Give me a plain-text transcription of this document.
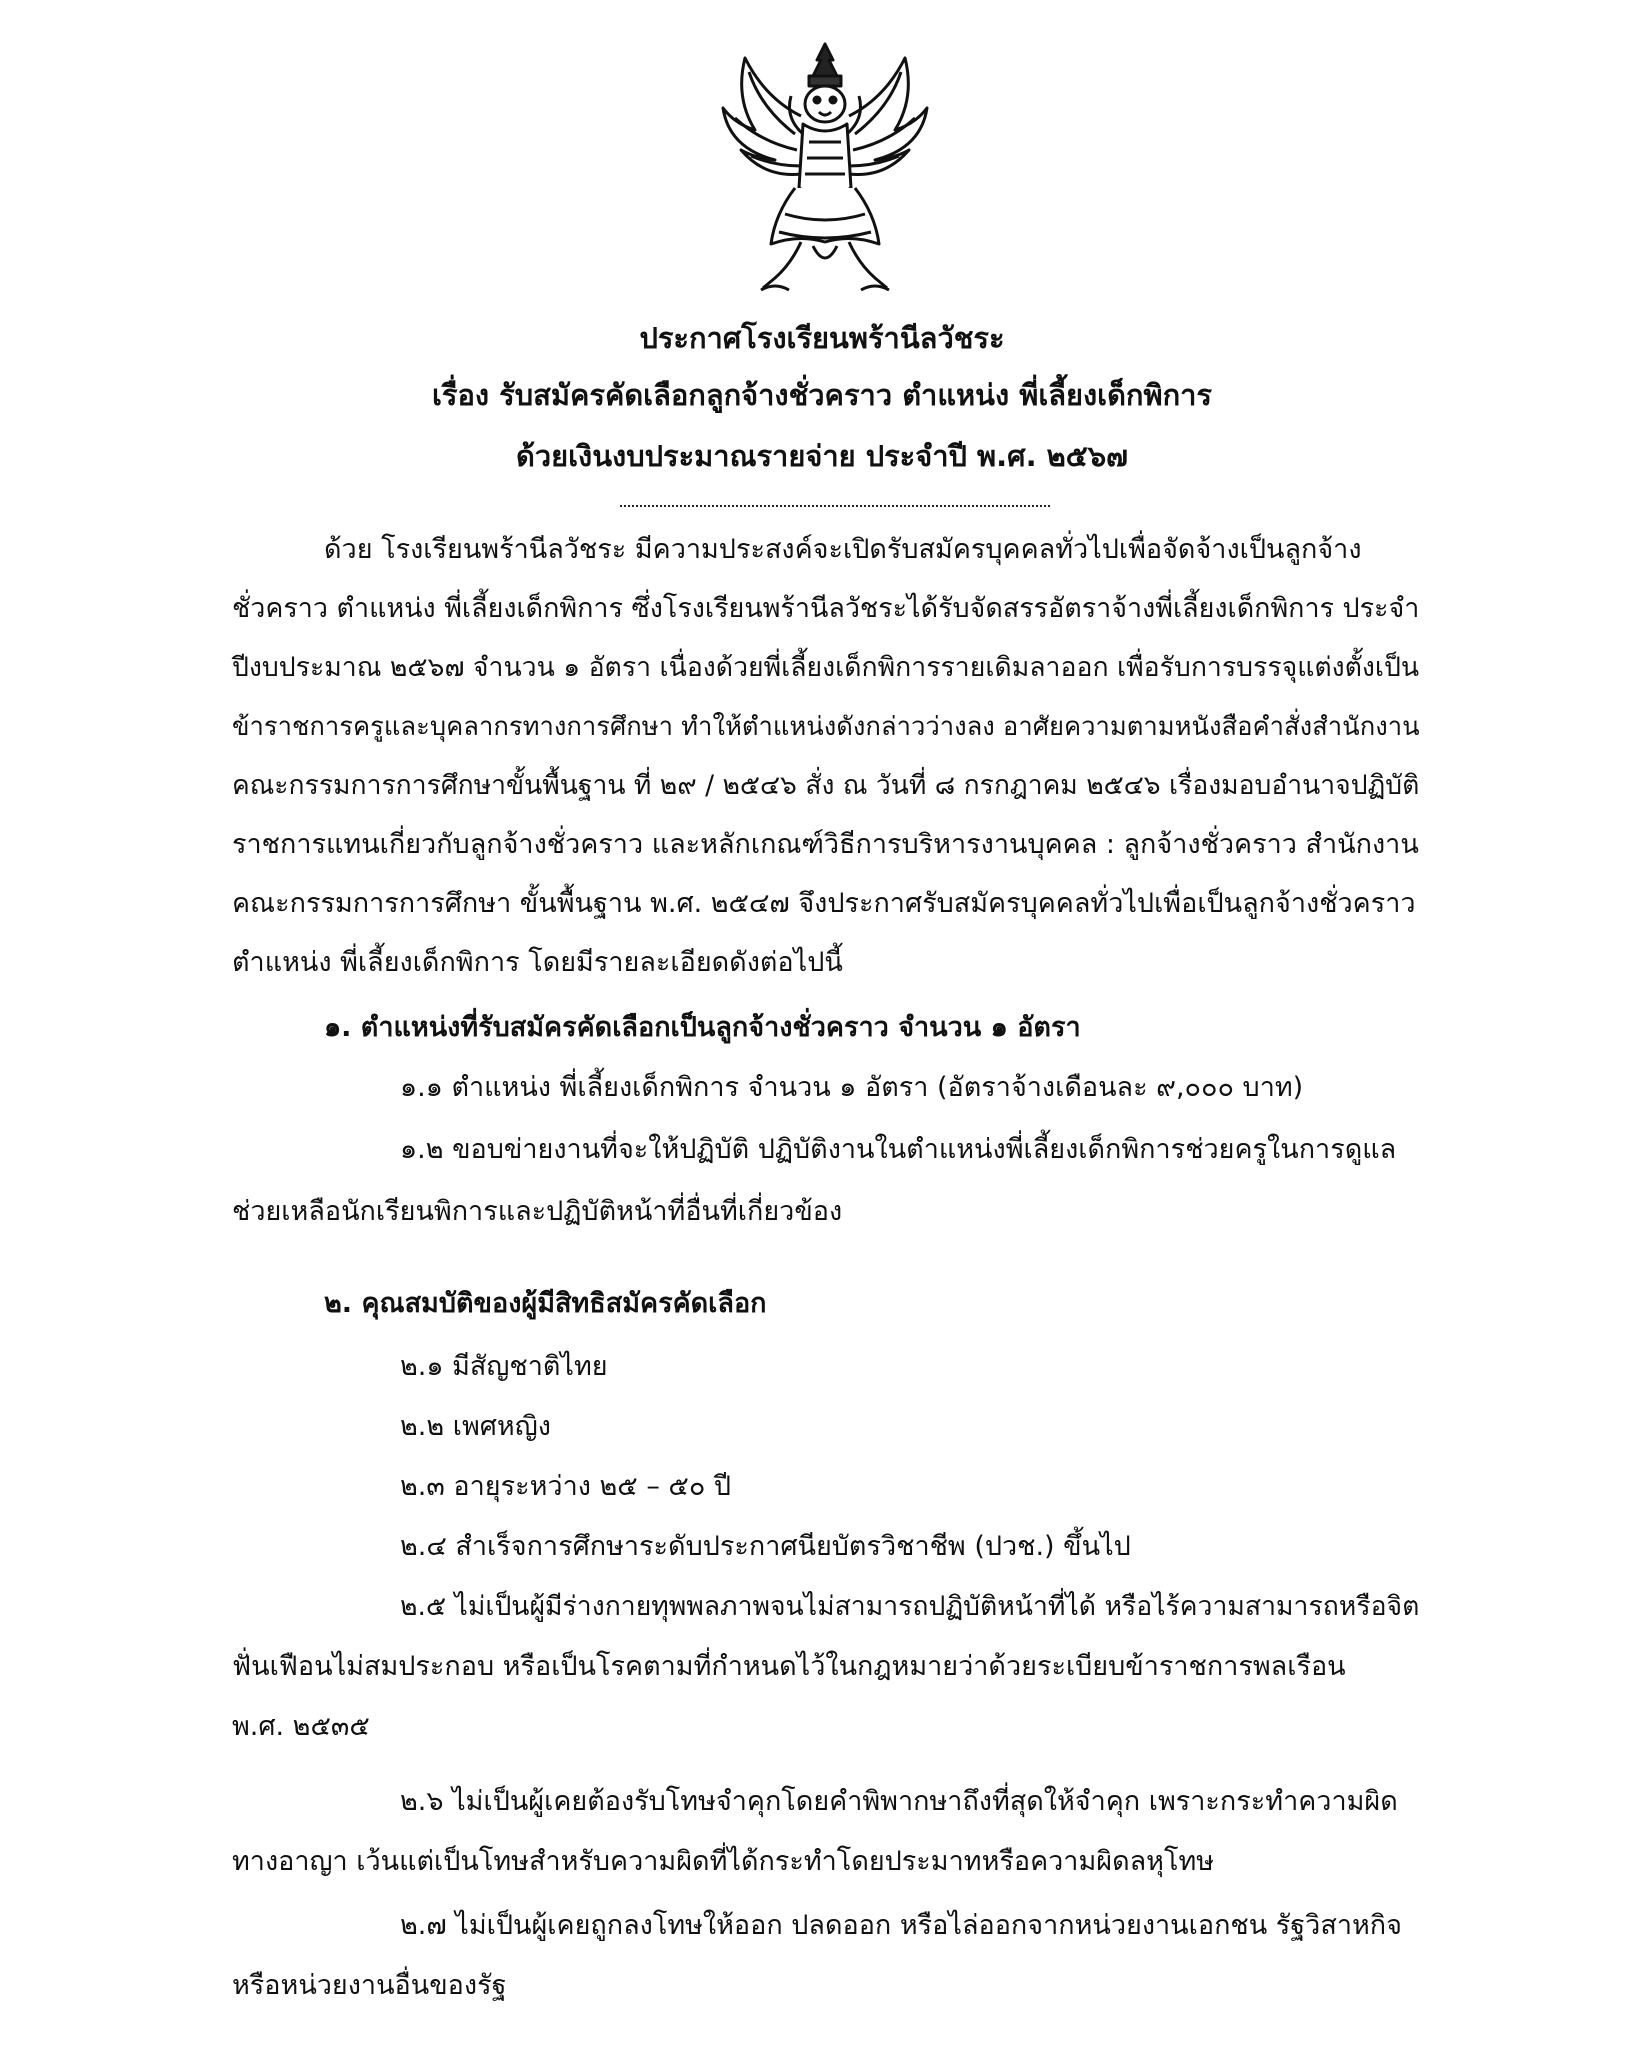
ประกาศโรงเรียนพร้านีลวัชระ
เรื่อง รับสมัครคัดเลือกลูกจ้างชั่วคราว ตำแหน่ง พี่เลี้ยงเด็กพิการ
ด้วยเงินงบประมาณรายจ่าย ประจำปี พ.ศ. ๒๕๖๗
ด้วย โรงเรียนพร้านีลวัชระ มีความประสงค์จะเปิดรับสมัครบุคคลทั่วไปเพื่อจัดจ้างเป็นลูกจ้าง
ชั่วคราว ตำแหน่ง พี่เลี้ยงเด็กพิการ ซึ่งโรงเรียนพร้านีลวัชระได้รับจัดสรรอัตราจ้างพี่เลี้ยงเด็กพิการ ประจำ
ปีงบประมาณ ๒๕๖๗ จำนวน ๑ อัตรา เนื่องด้วยพี่เลี้ยงเด็กพิการรายเดิมลาออก เพื่อรับการบรรจุแต่งตั้งเป็น
ข้าราชการครูและบุคลากรทางการศึกษา ทำให้ตำแหน่งดังกล่าวว่างลง อาศัยความตามหนังสือคำสั่งสำนักงาน
คณะกรรมการการศึกษาขั้นพื้นฐาน ที่ ๒๙ / ๒๕๔๖ สั่ง ณ วันที่ ๘ กรกฎาคม ๒๕๔๖ เรื่องมอบอำนาจปฏิบัติ
ราชการแทนเกี่ยวกับลูกจ้างชั่วคราว และหลักเกณฑ์วิธีการบริหารงานบุคคล : ลูกจ้างชั่วคราว สำนักงาน
คณะกรรมการการศึกษา ขั้นพื้นฐาน พ.ศ. ๒๕๔๗ จึงประกาศรับสมัครบุคคลทั่วไปเพื่อเป็นลูกจ้างชั่วคราว
ตำแหน่ง พี่เลี้ยงเด็กพิการ โดยมีรายละเอียดดังต่อไปนี้
๑. ตำแหน่งที่รับสมัครคัดเลือกเป็นลูกจ้างชั่วคราว จำนวน ๑ อัตรา
๑.๑ ตำแหน่ง พี่เลี้ยงเด็กพิการ จำนวน ๑ อัตรา (อัตราจ้างเดือนละ ๙,๐๐๐ บาท)
๑.๒ ขอบข่ายงานที่จะให้ปฏิบัติ ปฏิบัติงานในตำแหน่งพี่เลี้ยงเด็กพิการช่วยครูในการดูแล
ช่วยเหลือนักเรียนพิการและปฏิบัติหน้าที่อื่นที่เกี่ยวข้อง
๒. คุณสมบัติของผู้มีสิทธิสมัครคัดเลือก
๒.๑ มีสัญชาติไทย
๒.๒ เพศหญิง
๒.๓ อายุระหว่าง ๒๕ – ๕๐ ปี
๒.๔ สำเร็จการศึกษาระดับประกาศนียบัตรวิชาชีพ (ปวช.) ขึ้นไป
๒.๕ ไม่เป็นผู้มีร่างกายทุพพลภาพจนไม่สามารถปฏิบัติหน้าที่ได้ หรือไร้ความสามารถหรือจิต
ฟั่นเฟือนไม่สมประกอบ หรือเป็นโรคตามที่กำหนดไว้ในกฎหมายว่าด้วยระเบียบข้าราชการพลเรือน
พ.ศ. ๒๕๓๕
๒.๖ ไม่เป็นผู้เคยต้องรับโทษจำคุกโดยคำพิพากษาถึงที่สุดให้จำคุก เพราะกระทำความผิด
ทางอาญา เว้นแต่เป็นโทษสำหรับความผิดที่ได้กระทำโดยประมาทหรือความผิดลหุโทษ
๒.๗ ไม่เป็นผู้เคยถูกลงโทษให้ออก ปลดออก หรือไล่ออกจากหน่วยงานเอกชน รัฐวิสาหกิจ
หรือหน่วยงานอื่นของรัฐ
